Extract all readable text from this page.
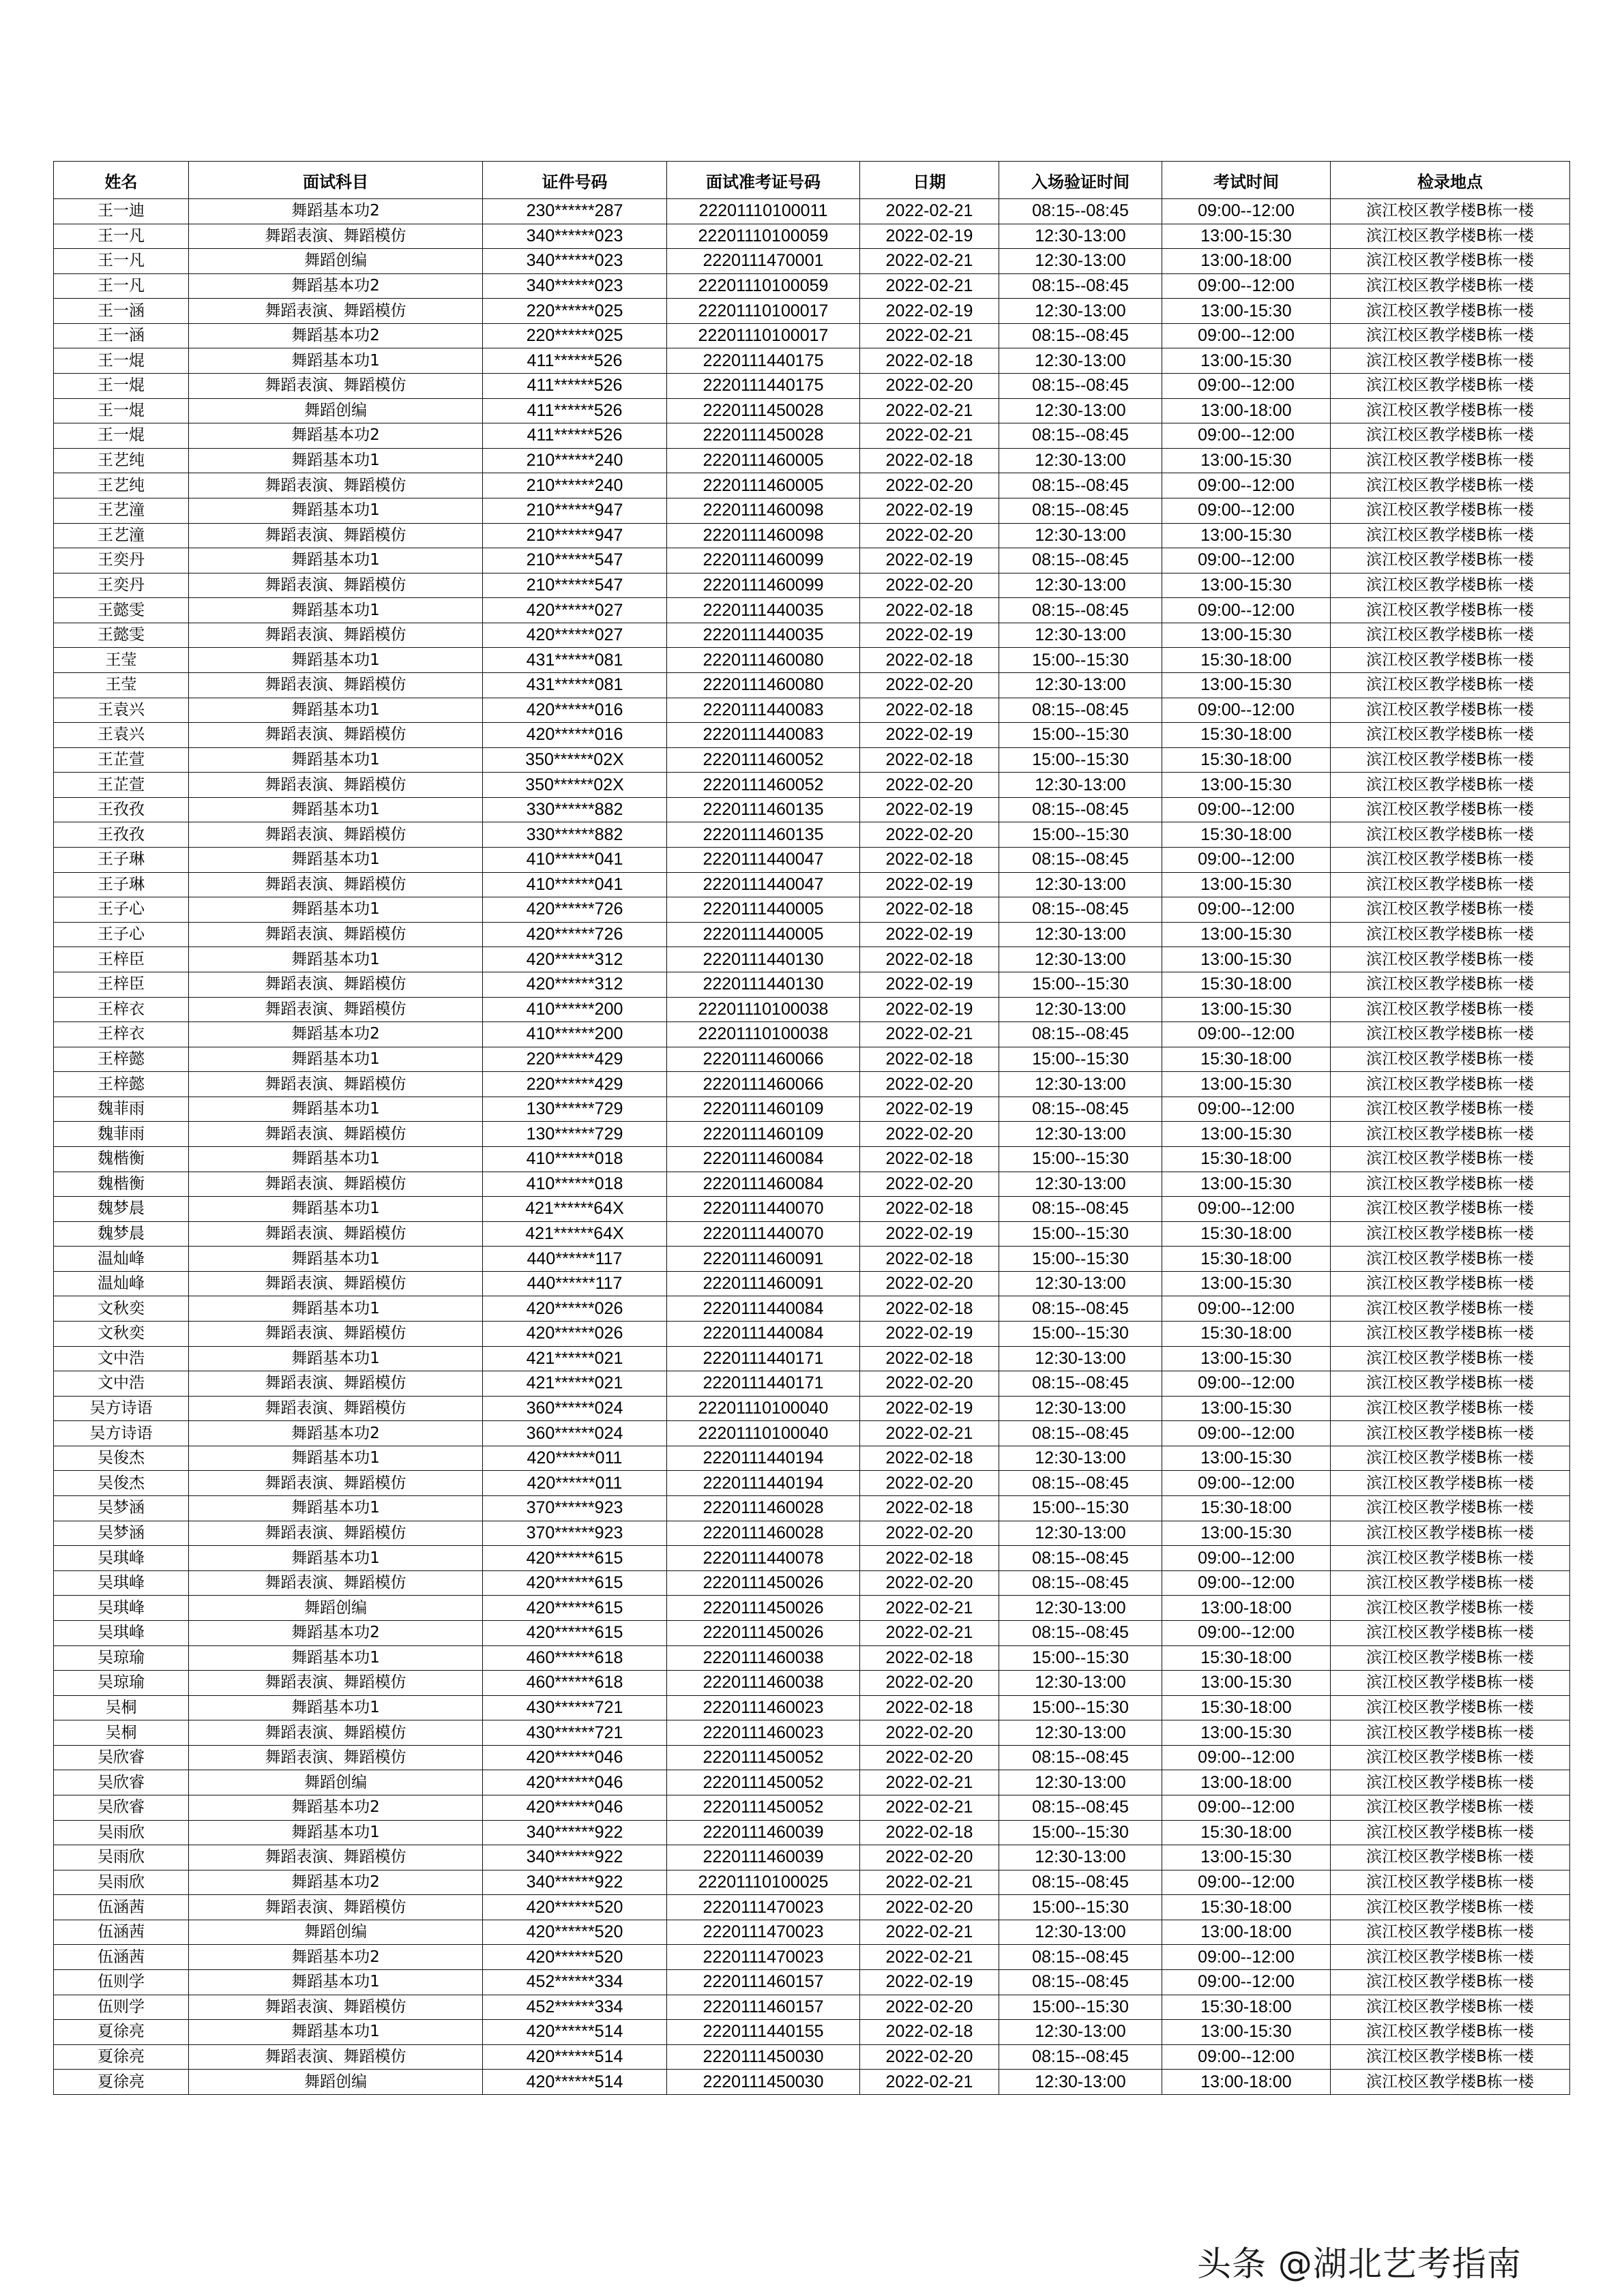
姓名	面试科目	证件号码	面试准考证号码	日期	入场验证时间	考试时间	检录地点
王一迪	舞蹈基本功2	230******287	22201110100011	2022-02-21	08:15--08:45	09:00--12:00	滨江校区教学楼B栋一楼
王一凡	舞蹈表演、舞蹈模仿	340******023	22201110100059	2022-02-19	12:30-13:00	13:00-15:30	滨江校区教学楼B栋一楼
王一凡	舞蹈创编	340******023	2220111470001	2022-02-21	12:30-13:00	13:00-18:00	滨江校区教学楼B栋一楼
王一凡	舞蹈基本功2	340******023	22201110100059	2022-02-21	08:15--08:45	09:00--12:00	滨江校区教学楼B栋一楼
王一涵	舞蹈表演、舞蹈模仿	220******025	22201110100017	2022-02-19	12:30-13:00	13:00-15:30	滨江校区教学楼B栋一楼
王一涵	舞蹈基本功2	220******025	22201110100017	2022-02-21	08:15--08:45	09:00--12:00	滨江校区教学楼B栋一楼
王一焜	舞蹈基本功1	411******526	2220111440175	2022-02-18	12:30-13:00	13:00-15:30	滨江校区教学楼B栋一楼
王一焜	舞蹈表演、舞蹈模仿	411******526	2220111440175	2022-02-20	08:15--08:45	09:00--12:00	滨江校区教学楼B栋一楼
王一焜	舞蹈创编	411******526	2220111450028	2022-02-21	12:30-13:00	13:00-18:00	滨江校区教学楼B栋一楼
王一焜	舞蹈基本功2	411******526	2220111450028	2022-02-21	08:15--08:45	09:00--12:00	滨江校区教学楼B栋一楼
王艺纯	舞蹈基本功1	210******240	2220111460005	2022-02-18	12:30-13:00	13:00-15:30	滨江校区教学楼B栋一楼
王艺纯	舞蹈表演、舞蹈模仿	210******240	2220111460005	2022-02-20	08:15--08:45	09:00--12:00	滨江校区教学楼B栋一楼
王艺潼	舞蹈基本功1	210******947	2220111460098	2022-02-19	08:15--08:45	09:00--12:00	滨江校区教学楼B栋一楼
王艺潼	舞蹈表演、舞蹈模仿	210******947	2220111460098	2022-02-20	12:30-13:00	13:00-15:30	滨江校区教学楼B栋一楼
王奕丹	舞蹈基本功1	210******547	2220111460099	2022-02-19	08:15--08:45	09:00--12:00	滨江校区教学楼B栋一楼
王奕丹	舞蹈表演、舞蹈模仿	210******547	2220111460099	2022-02-20	12:30-13:00	13:00-15:30	滨江校区教学楼B栋一楼
王懿雯	舞蹈基本功1	420******027	2220111440035	2022-02-18	08:15--08:45	09:00--12:00	滨江校区教学楼B栋一楼
王懿雯	舞蹈表演、舞蹈模仿	420******027	2220111440035	2022-02-19	12:30-13:00	13:00-15:30	滨江校区教学楼B栋一楼
王莹	舞蹈基本功1	431******081	2220111460080	2022-02-18	15:00--15:30	15:30-18:00	滨江校区教学楼B栋一楼
王莹	舞蹈表演、舞蹈模仿	431******081	2220111460080	2022-02-20	12:30-13:00	13:00-15:30	滨江校区教学楼B栋一楼
王袁兴	舞蹈基本功1	420******016	2220111440083	2022-02-18	08:15--08:45	09:00--12:00	滨江校区教学楼B栋一楼
王袁兴	舞蹈表演、舞蹈模仿	420******016	2220111440083	2022-02-19	15:00--15:30	15:30-18:00	滨江校区教学楼B栋一楼
王芷萱	舞蹈基本功1	350******02X	2220111460052	2022-02-18	15:00--15:30	15:30-18:00	滨江校区教学楼B栋一楼
王芷萱	舞蹈表演、舞蹈模仿	350******02X	2220111460052	2022-02-20	12:30-13:00	13:00-15:30	滨江校区教学楼B栋一楼
王孜孜	舞蹈基本功1	330******882	2220111460135	2022-02-19	08:15--08:45	09:00--12:00	滨江校区教学楼B栋一楼
王孜孜	舞蹈表演、舞蹈模仿	330******882	2220111460135	2022-02-20	15:00--15:30	15:30-18:00	滨江校区教学楼B栋一楼
王子琳	舞蹈基本功1	410******041	2220111440047	2022-02-18	08:15--08:45	09:00--12:00	滨江校区教学楼B栋一楼
王子琳	舞蹈表演、舞蹈模仿	410******041	2220111440047	2022-02-19	12:30-13:00	13:00-15:30	滨江校区教学楼B栋一楼
王子心	舞蹈基本功1	420******726	2220111440005	2022-02-18	08:15--08:45	09:00--12:00	滨江校区教学楼B栋一楼
王子心	舞蹈表演、舞蹈模仿	420******726	2220111440005	2022-02-19	12:30-13:00	13:00-15:30	滨江校区教学楼B栋一楼
王梓臣	舞蹈基本功1	420******312	2220111440130	2022-02-18	12:30-13:00	13:00-15:30	滨江校区教学楼B栋一楼
王梓臣	舞蹈表演、舞蹈模仿	420******312	2220111440130	2022-02-19	15:00--15:30	15:30-18:00	滨江校区教学楼B栋一楼
王梓衣	舞蹈表演、舞蹈模仿	410******200	22201110100038	2022-02-19	12:30-13:00	13:00-15:30	滨江校区教学楼B栋一楼
王梓衣	舞蹈基本功2	410******200	22201110100038	2022-02-21	08:15--08:45	09:00--12:00	滨江校区教学楼B栋一楼
王梓懿	舞蹈基本功1	220******429	2220111460066	2022-02-18	15:00--15:30	15:30-18:00	滨江校区教学楼B栋一楼
王梓懿	舞蹈表演、舞蹈模仿	220******429	2220111460066	2022-02-20	12:30-13:00	13:00-15:30	滨江校区教学楼B栋一楼
魏菲雨	舞蹈基本功1	130******729	2220111460109	2022-02-19	08:15--08:45	09:00--12:00	滨江校区教学楼B栋一楼
魏菲雨	舞蹈表演、舞蹈模仿	130******729	2220111460109	2022-02-20	12:30-13:00	13:00-15:30	滨江校区教学楼B栋一楼
魏楷衡	舞蹈基本功1	410******018	2220111460084	2022-02-18	15:00--15:30	15:30-18:00	滨江校区教学楼B栋一楼
魏楷衡	舞蹈表演、舞蹈模仿	410******018	2220111460084	2022-02-20	12:30-13:00	13:00-15:30	滨江校区教学楼B栋一楼
魏梦晨	舞蹈基本功1	421******64X	2220111440070	2022-02-18	08:15--08:45	09:00--12:00	滨江校区教学楼B栋一楼
魏梦晨	舞蹈表演、舞蹈模仿	421******64X	2220111440070	2022-02-19	15:00--15:30	15:30-18:00	滨江校区教学楼B栋一楼
温灿峰	舞蹈基本功1	440******117	2220111460091	2022-02-18	15:00--15:30	15:30-18:00	滨江校区教学楼B栋一楼
温灿峰	舞蹈表演、舞蹈模仿	440******117	2220111460091	2022-02-20	12:30-13:00	13:00-15:30	滨江校区教学楼B栋一楼
文秋奕	舞蹈基本功1	420******026	2220111440084	2022-02-18	08:15--08:45	09:00--12:00	滨江校区教学楼B栋一楼
文秋奕	舞蹈表演、舞蹈模仿	420******026	2220111440084	2022-02-19	15:00--15:30	15:30-18:00	滨江校区教学楼B栋一楼
文中浩	舞蹈基本功1	421******021	2220111440171	2022-02-18	12:30-13:00	13:00-15:30	滨江校区教学楼B栋一楼
文中浩	舞蹈表演、舞蹈模仿	421******021	2220111440171	2022-02-20	08:15--08:45	09:00--12:00	滨江校区教学楼B栋一楼
吴方诗语	舞蹈表演、舞蹈模仿	360******024	22201110100040	2022-02-19	12:30-13:00	13:00-15:30	滨江校区教学楼B栋一楼
吴方诗语	舞蹈基本功2	360******024	22201110100040	2022-02-21	08:15--08:45	09:00--12:00	滨江校区教学楼B栋一楼
吴俊杰	舞蹈基本功1	420******011	2220111440194	2022-02-18	12:30-13:00	13:00-15:30	滨江校区教学楼B栋一楼
吴俊杰	舞蹈表演、舞蹈模仿	420******011	2220111440194	2022-02-20	08:15--08:45	09:00--12:00	滨江校区教学楼B栋一楼
吴梦涵	舞蹈基本功1	370******923	2220111460028	2022-02-18	15:00--15:30	15:30-18:00	滨江校区教学楼B栋一楼
吴梦涵	舞蹈表演、舞蹈模仿	370******923	2220111460028	2022-02-20	12:30-13:00	13:00-15:30	滨江校区教学楼B栋一楼
吴琪峰	舞蹈基本功1	420******615	2220111440078	2022-02-18	08:15--08:45	09:00--12:00	滨江校区教学楼B栋一楼
吴琪峰	舞蹈表演、舞蹈模仿	420******615	2220111450026	2022-02-20	08:15--08:45	09:00--12:00	滨江校区教学楼B栋一楼
吴琪峰	舞蹈创编	420******615	2220111450026	2022-02-21	12:30-13:00	13:00-18:00	滨江校区教学楼B栋一楼
吴琪峰	舞蹈基本功2	420******615	2220111450026	2022-02-21	08:15--08:45	09:00--12:00	滨江校区教学楼B栋一楼
吴琼瑜	舞蹈基本功1	460******618	2220111460038	2022-02-18	15:00--15:30	15:30-18:00	滨江校区教学楼B栋一楼
吴琼瑜	舞蹈表演、舞蹈模仿	460******618	2220111460038	2022-02-20	12:30-13:00	13:00-15:30	滨江校区教学楼B栋一楼
吴桐	舞蹈基本功1	430******721	2220111460023	2022-02-18	15:00--15:30	15:30-18:00	滨江校区教学楼B栋一楼
吴桐	舞蹈表演、舞蹈模仿	430******721	2220111460023	2022-02-20	12:30-13:00	13:00-15:30	滨江校区教学楼B栋一楼
吴欣睿	舞蹈表演、舞蹈模仿	420******046	2220111450052	2022-02-20	08:15--08:45	09:00--12:00	滨江校区教学楼B栋一楼
吴欣睿	舞蹈创编	420******046	2220111450052	2022-02-21	12:30-13:00	13:00-18:00	滨江校区教学楼B栋一楼
吴欣睿	舞蹈基本功2	420******046	2220111450052	2022-02-21	08:15--08:45	09:00--12:00	滨江校区教学楼B栋一楼
吴雨欣	舞蹈基本功1	340******922	2220111460039	2022-02-18	15:00--15:30	15:30-18:00	滨江校区教学楼B栋一楼
吴雨欣	舞蹈表演、舞蹈模仿	340******922	2220111460039	2022-02-20	12:30-13:00	13:00-15:30	滨江校区教学楼B栋一楼
吴雨欣	舞蹈基本功2	340******922	22201110100025	2022-02-21	08:15--08:45	09:00--12:00	滨江校区教学楼B栋一楼
伍涵茜	舞蹈表演、舞蹈模仿	420******520	2220111470023	2022-02-20	15:00--15:30	15:30-18:00	滨江校区教学楼B栋一楼
伍涵茜	舞蹈创编	420******520	2220111470023	2022-02-21	12:30-13:00	13:00-18:00	滨江校区教学楼B栋一楼
伍涵茜	舞蹈基本功2	420******520	2220111470023	2022-02-21	08:15--08:45	09:00--12:00	滨江校区教学楼B栋一楼
伍则学	舞蹈基本功1	452******334	2220111460157	2022-02-19	08:15--08:45	09:00--12:00	滨江校区教学楼B栋一楼
伍则学	舞蹈表演、舞蹈模仿	452******334	2220111460157	2022-02-20	15:00--15:30	15:30-18:00	滨江校区教学楼B栋一楼
夏徐亮	舞蹈基本功1	420******514	2220111440155	2022-02-18	12:30-13:00	13:00-15:30	滨江校区教学楼B栋一楼
夏徐亮	舞蹈表演、舞蹈模仿	420******514	2220111450030	2022-02-20	08:15--08:45	09:00--12:00	滨江校区教学楼B栋一楼
夏徐亮	舞蹈创编	420******514	2220111450030	2022-02-21	12:30-13:00	13:00-18:00	滨江校区教学楼B栋一楼
头条 @湖北艺考指南
